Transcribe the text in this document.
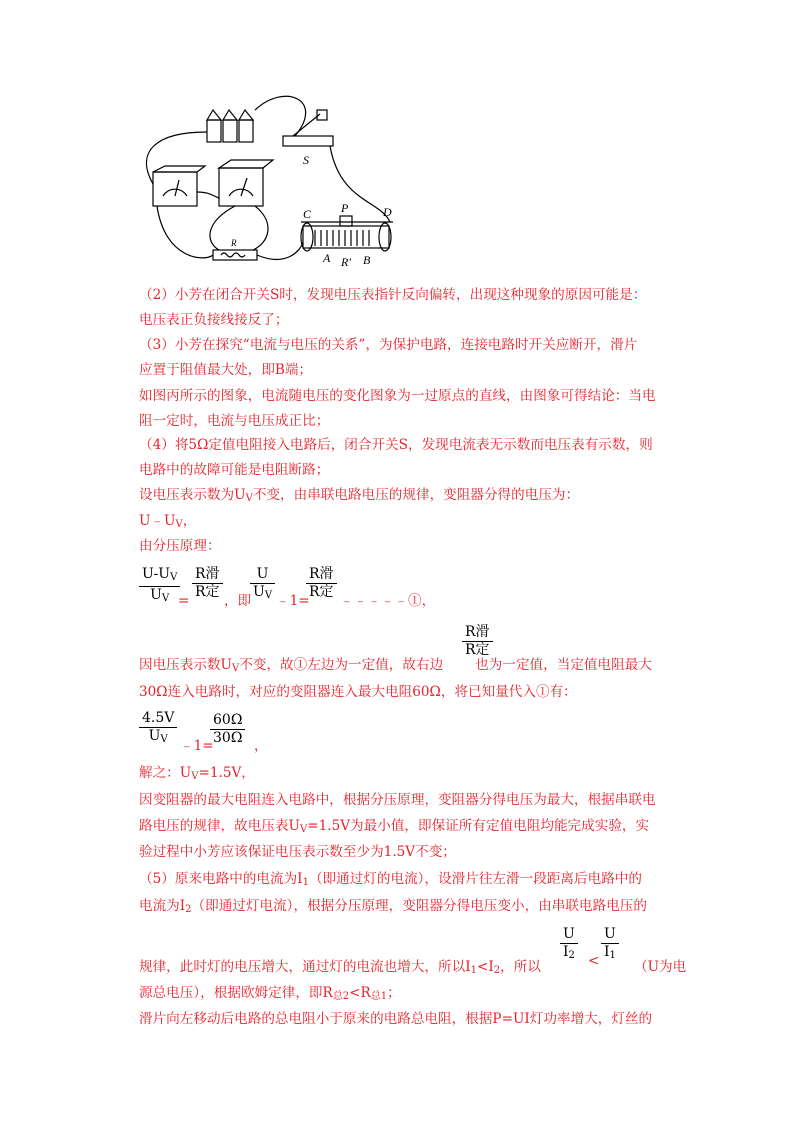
S
R
C P	D
A R′ B
（2）小芳在闭合开关S时，发现电压表指针反向偏转，出现这种现象的原因可能是：
电压表正负接线接反了；
（3）小芳在探究“电流与电压的关系”，为保护电路，连接电路时开关应断开，滑片
应置于阻值最大处，即B端；
如图丙所示的图象，电流随电压的变化图象为一过原点的直线，由图象可得结论：当电
阻一定时，电流与电压成正比；
（4）将5Ω定值电阻接入电路后，闭合开关S，发现电流表无示数而电压表有示数，则
电路中的故障可能是电阻断路；
设电压表示数为$U_V$不变，由串联电路电压的规律，变阻器分得的电压为：
$U﹣U_V$，
由分压原理：
$\frac{U-U_V}{U_V}$
=
R滑
R定
，即
$\frac{U}{U_V}$ ﹣1=
R滑
R定
﹣﹣﹣﹣﹣①，
R滑
R定
因电压表示数$U_V$不变，故①左边为一定值，故右边 也为一定值，当定值电阻最大
30Ω连入电路时，对应的变阻器连入最大电阻60Ω，将已知量代入①有：
$\frac{4.5V}{U_V}$ ﹣1=
$\frac{60\Omega}{30\Omega}$ ，
解之：$U_V=1.5V$，
因变阻器的最大电阻连入电路中，根据分压原理，变阻器分得电压为最大，根据串联电
路电压的规律，故电压表$U_V=1.5V$为最小值，即保证所有定值电阻均能完成实验，实
验过程中小芳应该保证电压表示数至少为1.5V不变；
（5）原来电路中的电流为$I_1$（即通过灯的电流），设滑片往左滑一段距离后电路中的
电流为$I_2$（即通过灯电流），根据分压原理，变阻器分得电压变小，由串联电路电压的
$\frac{U}{I_2} < \frac{U}{I_1}$
规律，此时灯的电压增大，通过灯的电流也增大，所以$I_1<I_2$，所以	（U为电
源总电压），根据欧姆定律，即$R_{总2}<R_{总1}$；
滑片向左移动后电路的总电阻小于原来的电路总电阻，根据P=UI灯功率增大，灯丝的
